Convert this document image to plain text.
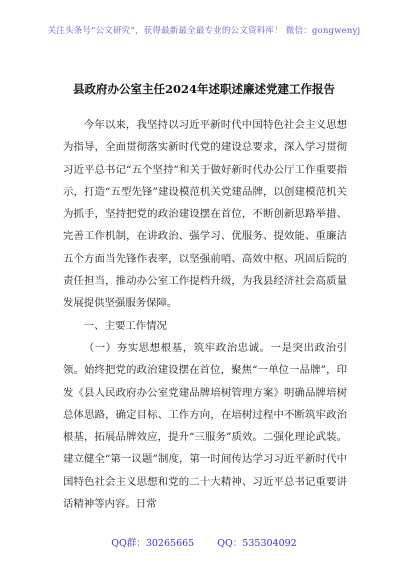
关注头条号“公文研究”，获得最新最全最专业的公文资料库！ 微信：gongwenyj
县政府办公室主任2024年述职述廉述党建工作报告

今年以来，我坚持以习近平新时代中国特色社会主义思想为指导，全面贯彻落实新时代党的建设总要求，深入学习贯彻习近平总书记“五个坚持”和关于做好新时代办公厅工作重要指示，打造“五型先锋”建设模范机关党建品牌，以创建模范机关为抓手，坚持把党的政治建设摆在首位，不断创新思路举措、完善工作机制，在讲政治、强学习、优服务、提效能、重廉洁五个方面当先锋作表率，以坚强前哨、高效中枢、巩固后院的责任担当，推动办公室工作提档升级，为我县经济社会高质量发展提供坚强服务保障。

一、主要工作情况

（一）夯实思想根基，筑牢政治忠诚。一是突出政治引领。始终把党的政治建设摆在首位，聚焦“一单位一品牌”，印发《县人民政府办公室党建品牌培树管理方案》明确品牌培树总体思路，确定目标、工作方向，在培树过程中不断筑牢政治根基，拓展品牌效应，提升“三服务”质效。二强化理论武装。建立健全“第一议题”制度，第一时间传达学习习近平新时代中国特色社会主义思想和党的二十大精神、习近平总书记重要讲话精神等内容。日常

QQ群：30265665 QQ：535304092
